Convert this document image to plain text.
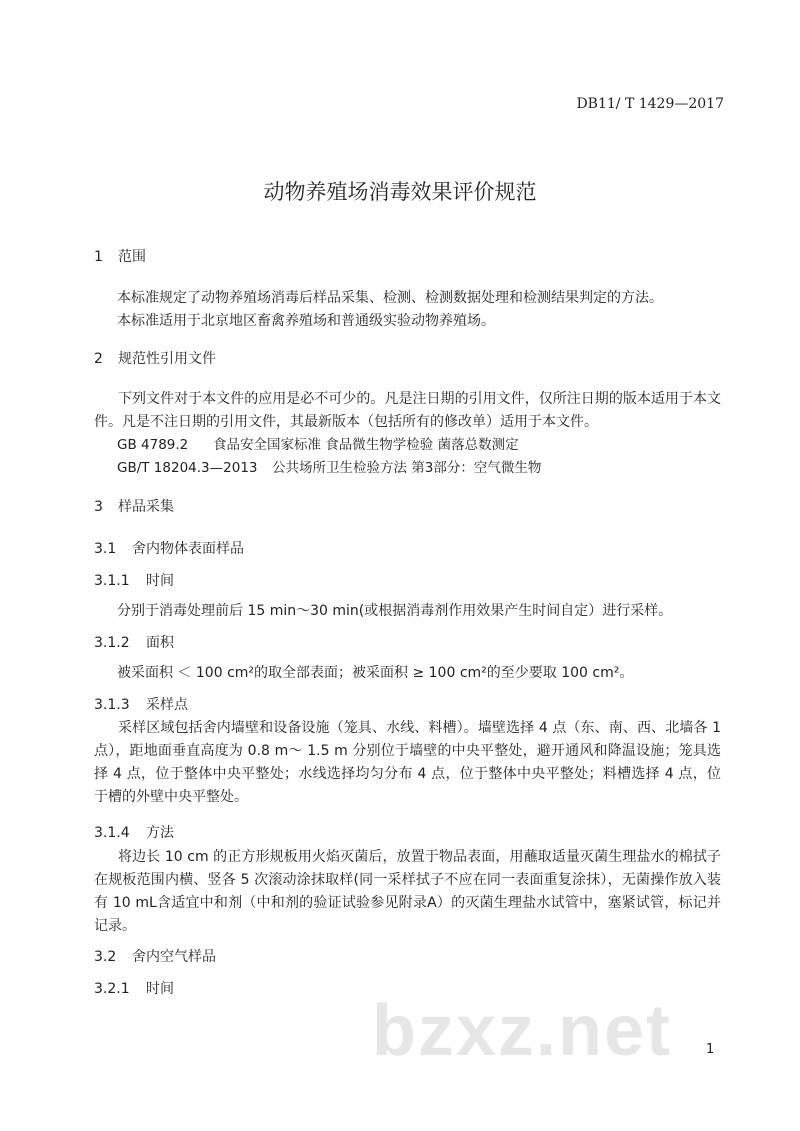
DB11/ T 1429—2017
动物养殖场消毒效果评价规范
1 范围
本标准规定了动物养殖场消毒后样品采集、检测、检测数据处理和检测结果判定的方法。
本标准适用于北京地区畜禽养殖场和普通级实验动物养殖场。
2 规范性引用文件
下列文件对于本文件的应用是必不可少的。凡是注日期的引用文件，仅所注日期的版本适用于本文件。凡是不注日期的引用文件，其最新版本（包括所有的修改单）适用于本文件。
GB 4789.2 食品安全国家标准 食品微生物学检验 菌落总数测定
GB/T 18204.3—2013 公共场所卫生检验方法 第3部分：空气微生物
3 样品采集
3.1 舍内物体表面样品
3.1.1 时间
分别于消毒处理前后 15 min～30 min(或根据消毒剂作用效果产生时间自定）进行采样。
3.1.2 面积
被采面积 ＜ 100 cm²的取全部表面；被采面积 ≥ 100 cm²的至少要取 100 cm²。
3.1.3 采样点
采样区域包括舍内墙壁和设备设施（笼具、水线、料槽）。墙壁选择 4 点（东、南、西、北墙各 1 点），距地面垂直高度为 0.8 m～ 1.5 m 分别位于墙壁的中央平整处，避开通风和降温设施；笼具选择 4 点，位于整体中央平整处；水线选择均匀分布 4 点，位于整体中央平整处；料槽选择 4 点，位于槽的外壁中央平整处。
3.1.4 方法
将边长 10 cm 的正方形规板用火焰灭菌后，放置于物品表面，用蘸取适量灭菌生理盐水的棉拭子在规板范围内横、竖各 5 次滚动涂抹取样(同一采样拭子不应在同一表面重复涂抹），无菌操作放入装有 10 mL含适宜中和剂（中和剂的验证试验参见附录A）的灭菌生理盐水试管中，塞紧试管，标记并记录。
3.2 舍内空气样品
3.2.1 时间
bzxz.net	1
